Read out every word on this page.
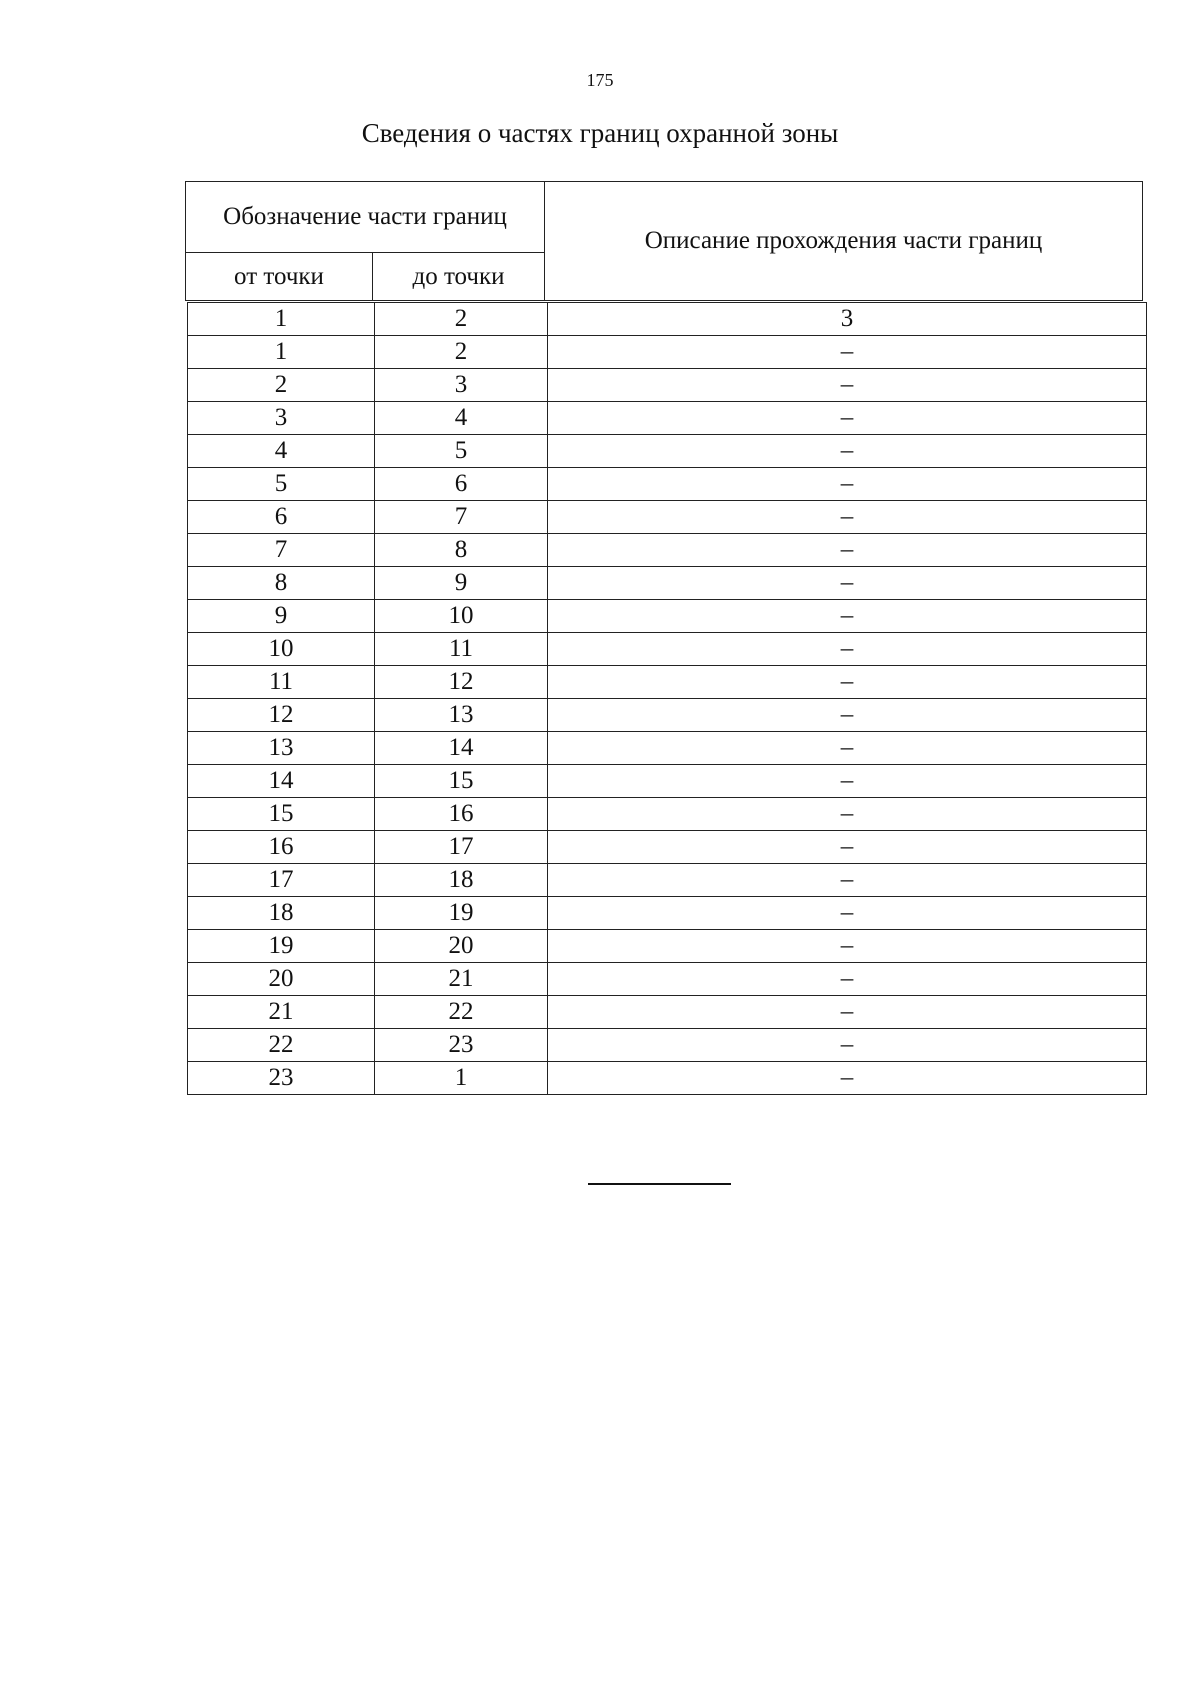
175
Сведения о частях границ охранной зоны
Обозначение части границ		Описание прохождения части границ
от точки	до точки	
1	2	3
1	2	–
2	3	–
3	4	–
4	5	–
5	6	–
6	7	–
7	8	–
8	9	–
9	10	–
10	11	–
11	12	–
12	13	–
13	14	–
14	15	–
15	16	–
16	17	–
17	18	–
18	19	–
19	20	–
20	21	–
21	22	–
22	23	–
23	1	–
